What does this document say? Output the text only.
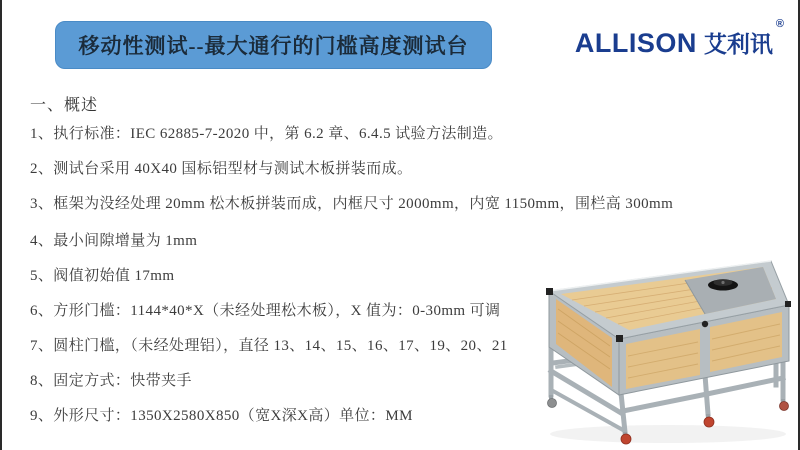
移动性测试--最大通行的门槛高度测试台	ALLISON 艾利讯
®
一、概述

1、执行标准：IEC 62885-7-2020 中，第 6.2 章、6.4.5 试验方法制造。

2、测试台采用 40X40 国标铝型材与测试木板拼装而成。

3、框架为没经处理 20mm 松木板拼装而成，内框尺寸 2000mm，内宽 1150mm，围栏高 300mm

4、最小间隙增量为 1mm

5、阀值初始值 17mm

6、方形门槛：1144*40*X（未经处理松木板），X 值为：0-30mm 可调

7、圆柱门槛，（未经处理铝），直径 13、14、15、16、17、19、20、21

8、固定方式：快带夹手

9、外形尺寸：1350X2580X850（宽X深X高）单位：MM
